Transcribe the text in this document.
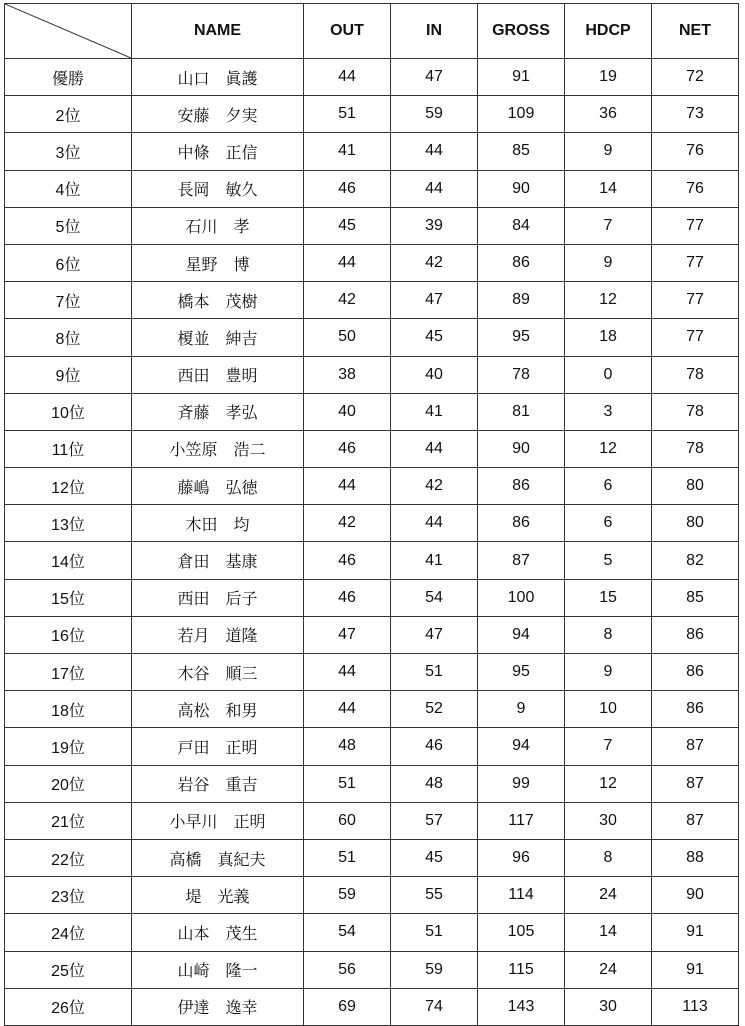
	NAME	OUT	IN	GROSS	HDCP	NET
優勝	山口　眞護	44	47	91	19	72
2位	安藤　夕実	51	59	109	36	73
3位	中條　正信	41	44	85	9	76
4位	長岡　敏久	46	44	90	14	76
5位	石川　孝	45	39	84	7	77
6位	星野　博	44	42	86	9	77
7位	橋本　茂樹	42	47	89	12	77
8位	榎並　紳吉	50	45	95	18	77
9位	西田　豊明	38	40	78	0	78
10位	斉藤　孝弘	40	41	81	3	78
11位	小笠原　浩二	46	44	90	12	78
12位	藤嶋　弘徳	44	42	86	6	80
13位	木田　均	42	44	86	6	80
14位	倉田　基康	46	41	87	5	82
15位	西田　后子	46	54	100	15	85
16位	若月　道隆	47	47	94	8	86
17位	木谷　順三	44	51	95	9	86
18位	高松　和男	44	52	9	10	86
19位	戸田　正明	48	46	94	7	87
20位	岩谷　重吉	51	48	99	12	87
21位	小早川　正明	60	57	117	30	87
22位	高橋　真紀夫	51	45	96	8	88
23位	堤　光義	59	55	114	24	90
24位	山本　茂生	54	51	105	14	91
25位	山崎　隆一	56	59	115	24	91
26位	伊達　逸幸	69	74	143	30	113
